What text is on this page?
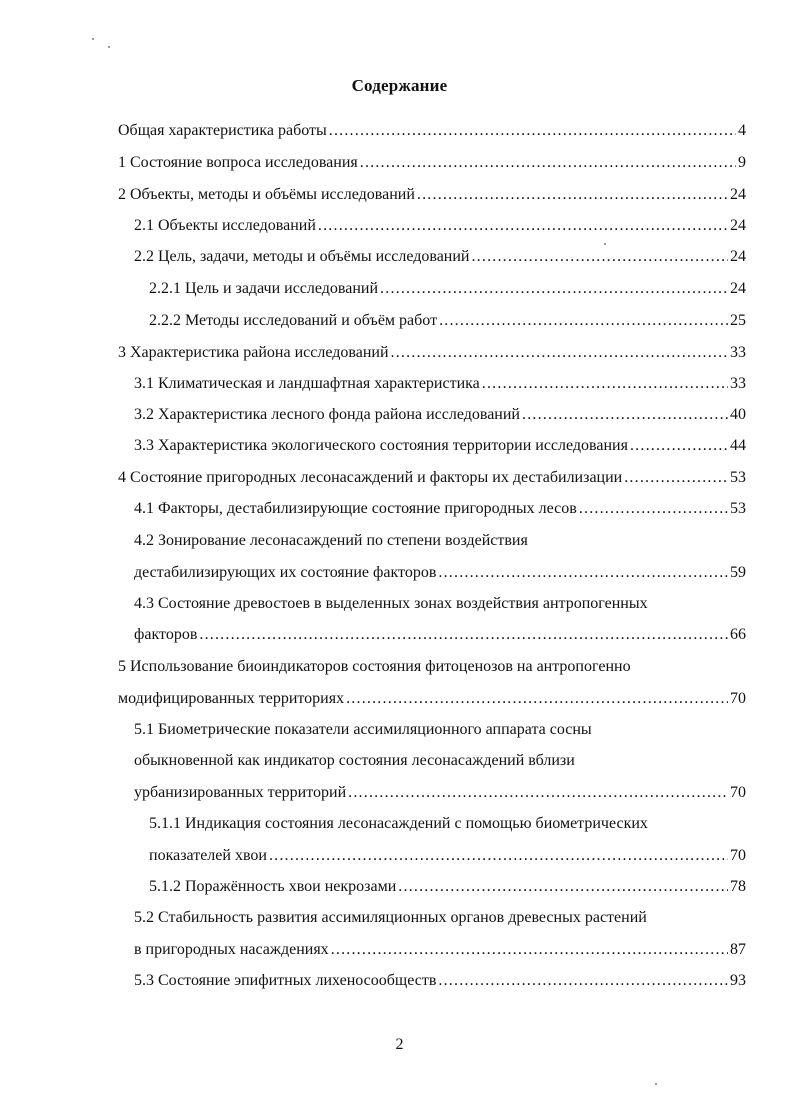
Содержание
Общая характеристика работы .....	4
1 Состояние вопроса исследования .....	9
2 Объекты, методы и объёмы исследований .....	24
2.1 Объекты исследований .....	24
2.2 Цель, задачи, методы и объёмы исследований .....	24
2.2.1 Цель и задачи исследований .....	24
2.2.2 Методы исследований и объём работ .....	25
3 Характеристика района исследований .....	33
3.1 Климатическая и ландшафтная характеристика .....	33
3.2 Характеристика лесного фонда района исследований .....	40
3.3 Характеристика экологического состояния территории исследования .....	44
4 Состояние пригородных лесонасаждений и факторы их дестабилизации .....	53
4.1 Факторы, дестабилизирующие состояние пригородных лесов .....	53
4.2 Зонирование лесонасаждений по степени воздействия
дестабилизирующих их состояние факторов .....	59
4.3 Состояние древостоев в выделенных зонах воздействия антропогенных
факторов .....	66
5 Использование биоиндикаторов состояния фитоценозов на антропогенно
модифицированных территориях .....	70
5.1 Биометрические показатели ассимиляционного аппарата сосны
обыкновенной как индикатор состояния лесонасаждений вблизи
урбанизированных территорий .....	70
5.1.1 Индикация состояния лесонасаждений с помощью биометрических
показателей хвои .....	70
5.1.2 Поражённость хвои некрозами .....	78
5.2 Стабильность развития ассимиляционных органов древесных растений
в пригородных насаждениях .....	87
5.3 Состояние эпифитных лихеносообществ .....	93
2
